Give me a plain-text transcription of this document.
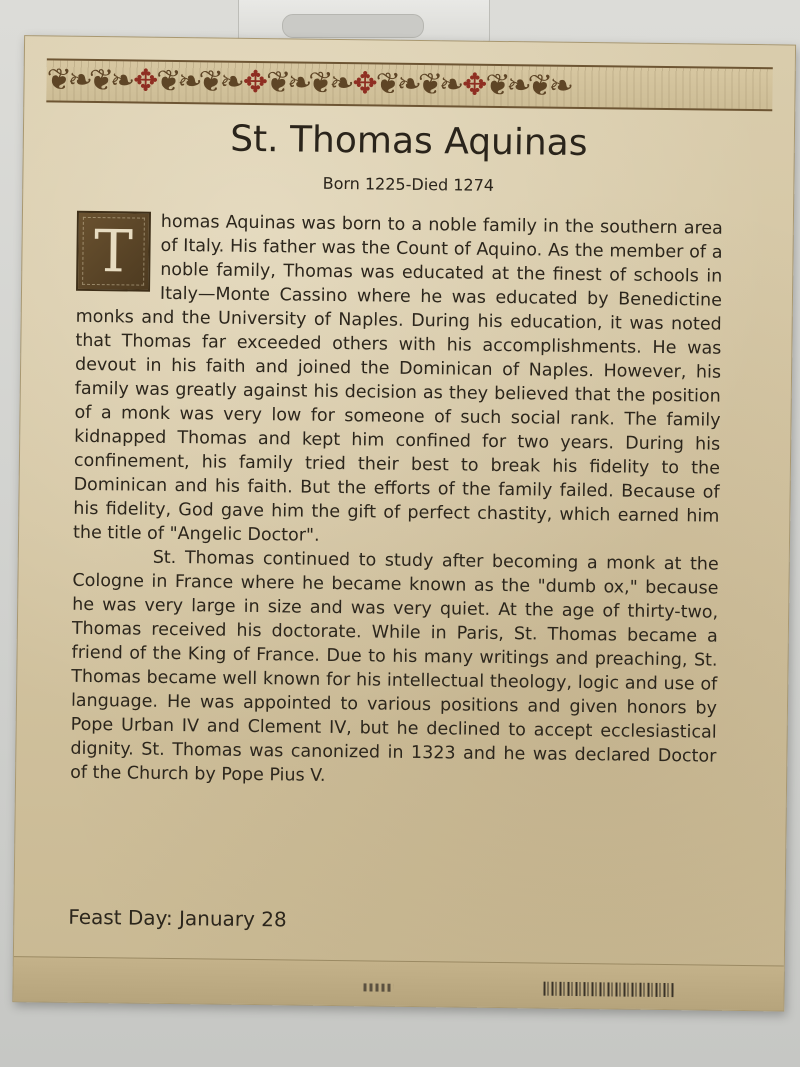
❦❧❦❧ ✥ ❦❧❦❧ ✥ ❦❧❦❧ ✥ ❦❧❦❧ ✥ ❦❧❦❧
St. Thomas Aquinas
Born 1225-Died 1274
T	homas Aquinas was born to a noble family in the southern area of Italy. His father was the Count of Aquino. As the member of a noble family, Thomas was educated at the finest of schools in Italy—Monte Cassino where he was educated by Benedictine monks and the University of Naples. During his education, it was noted that Thomas far exceeded others with his accomplishments. He was devout in his faith and joined the Dominican of Naples. However, his family was greatly against his decision as they believed that the position of a monk was very low for someone of such social rank. The family kidnapped Thomas and kept him confined for two years. During his confinement, his family tried their best to break his fidelity to the Dominican and his faith. But the efforts of the family failed. Because of his fidelity, God gave him the gift of perfect chastity, which earned him the title of "Angelic Doctor".

St. Thomas continued to study after becoming a monk at the Cologne in France where he became known as the "dumb ox," because he was very large in size and was very quiet. At the age of thirty-two, Thomas received his doctorate. While in Paris, St. Thomas became a friend of the King of France. Due to his many writings and preaching, St. Thomas became well known for his intellectual theology, logic and use of language. He was appointed to various positions and given honors by Pope Urban IV and Clement IV, but he declined to accept ecclesiastical dignity. St. Thomas was canonized in 1323 and he was declared Doctor of the Church by Pope Pius V.

Feast Day: January 28
